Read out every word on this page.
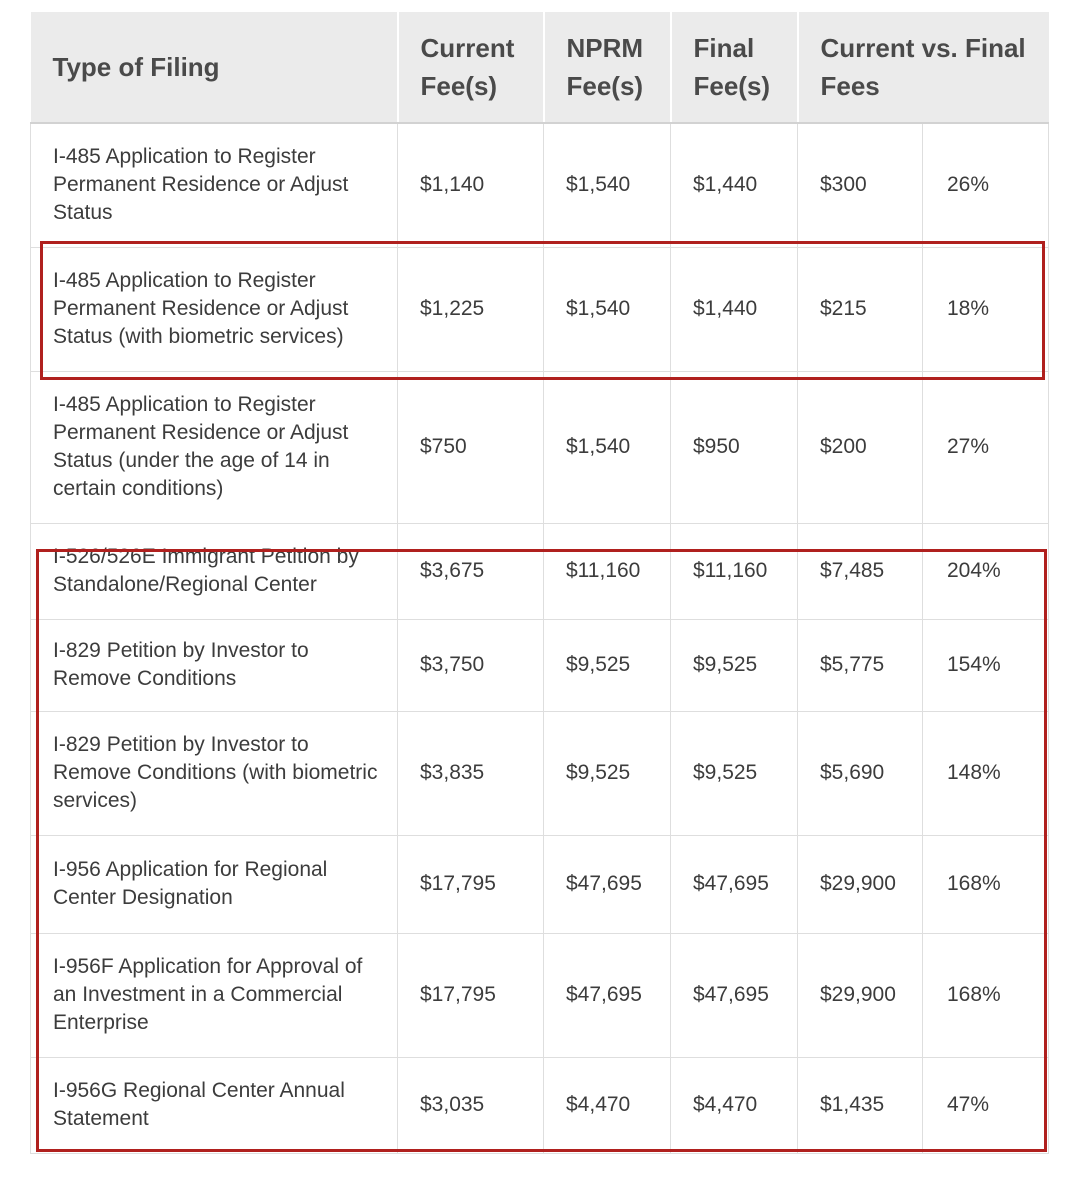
Type of Filing	Current Fee(s)	NPRM Fee(s)	Final Fee(s)	Current vs. Final Fees	
I-485 Application to Register Permanent Residence or Adjust Status	$1,140	$1,540	$1,440	$300	26%
I-485 Application to Register Permanent Residence or Adjust Status (with biometric services)	$1,225	$1,540	$1,440	$215	18%
I-485 Application to Register Permanent Residence or Adjust Status (under the age of 14 in certain conditions)	$750	$1,540	$950	$200	27%
I-526/526E Immigrant Petition by Standalone/Regional Center	$3,675	$11,160	$11,160	$7,485	204%
I-829 Petition by Investor to Remove Conditions	$3,750	$9,525	$9,525	$5,775	154%
I-829 Petition by Investor to Remove Conditions (with biometric services)	$3,835	$9,525	$9,525	$5,690	148%
I-956 Application for Regional Center Designation	$17,795	$47,695	$47,695	$29,900	168%
I-956F Application for Approval of an Investment in a Commercial Enterprise	$17,795	$47,695	$47,695	$29,900	168%
I-956G Regional Center Annual Statement	$3,035	$4,470	$4,470	$1,435	47%
